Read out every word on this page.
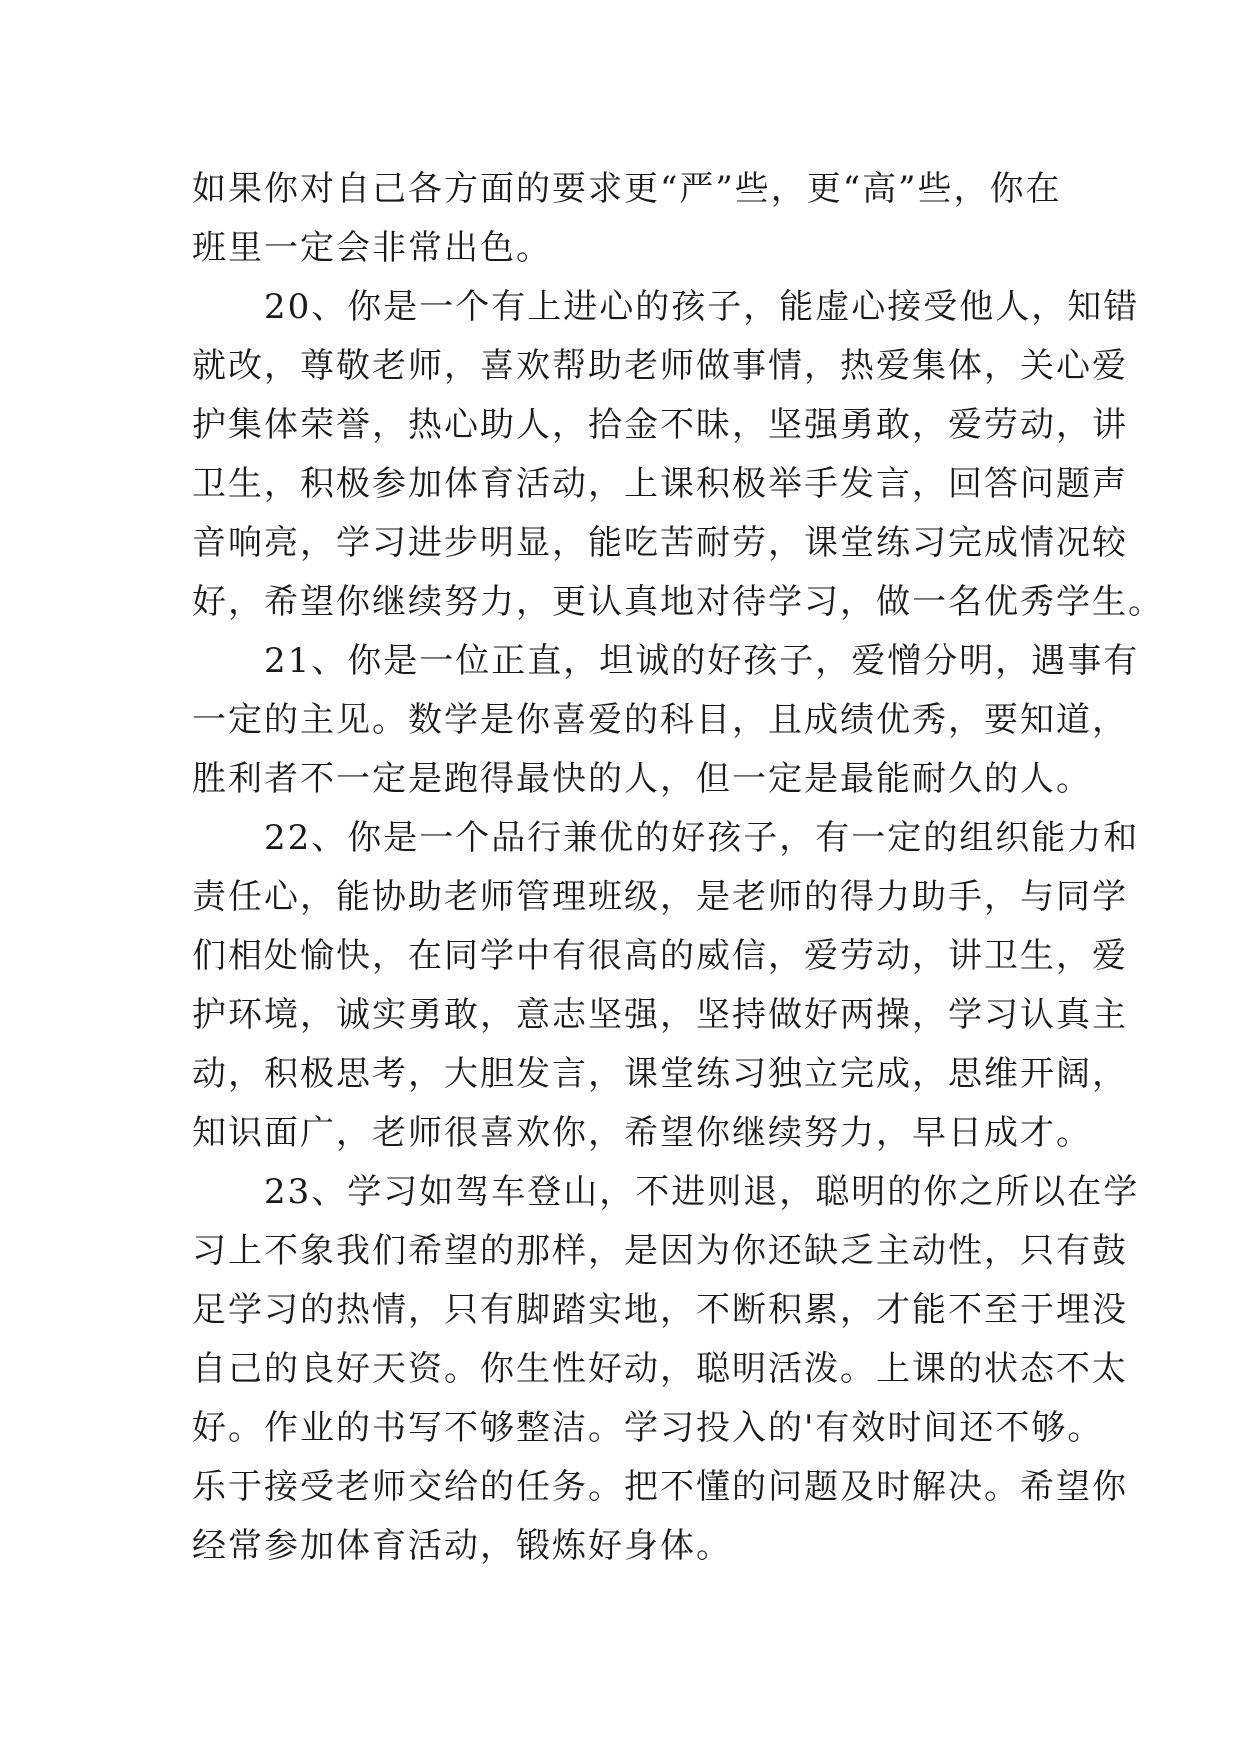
如果你对自己各方面的要求更“严”些，更“高”些，你在
班里一定会非常出色。
　　20、你是一个有上进心的孩子，能虚心接受他人，知错
就改，尊敬老师，喜欢帮助老师做事情，热爱集体，关心爱
护集体荣誉，热心助人，拾金不昧，坚强勇敢，爱劳动，讲
卫生，积极参加体育活动，上课积极举手发言，回答问题声
音响亮，学习进步明显，能吃苦耐劳，课堂练习完成情况较
好，希望你继续努力，更认真地对待学习，做一名优秀学生。
　　21、你是一位正直，坦诚的好孩子，爱憎分明，遇事有
一定的主见。数学是你喜爱的科目，且成绩优秀，要知道，
胜利者不一定是跑得最快的人，但一定是最能耐久的人。
　　22、你是一个品行兼优的好孩子，有一定的组织能力和
责任心，能协助老师管理班级，是老师的得力助手，与同学
们相处愉快，在同学中有很高的威信，爱劳动，讲卫生，爱
护环境，诚实勇敢，意志坚强，坚持做好两操，学习认真主
动，积极思考，大胆发言，课堂练习独立完成，思维开阔，
知识面广，老师很喜欢你，希望你继续努力，早日成才。
　　23、学习如驾车登山，不进则退，聪明的你之所以在学
习上不象我们希望的那样，是因为你还缺乏主动性，只有鼓
足学习的热情，只有脚踏实地，不断积累，才能不至于埋没
自己的良好天资。你生性好动，聪明活泼。上课的状态不太
好。作业的书写不够整洁。学习投入的'有效时间还不够。
乐于接受老师交给的任务。把不懂的问题及时解决。希望你
经常参加体育活动，锻炼好身体。
